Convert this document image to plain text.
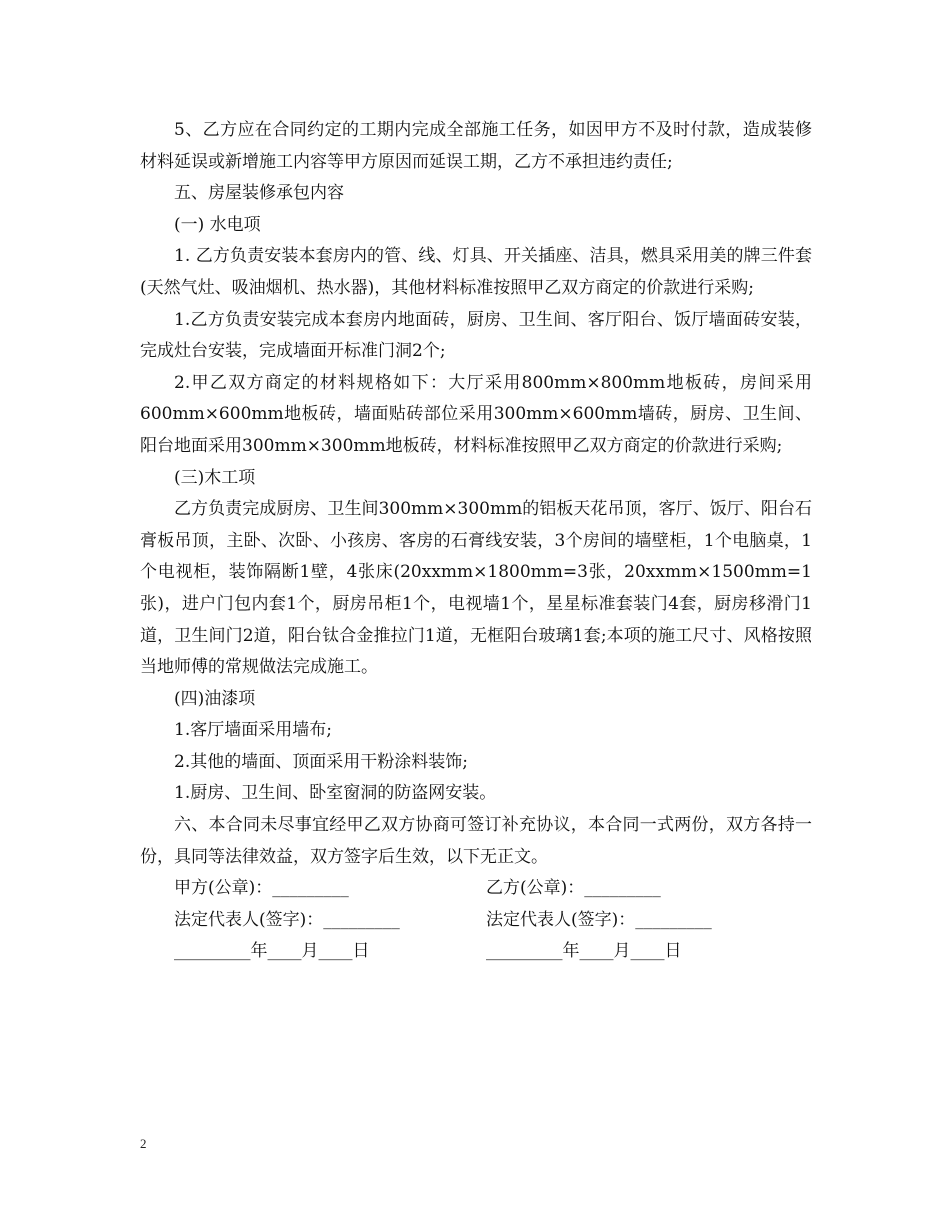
5、乙方应在合同约定的工期内完成全部施工任务，如因甲方不及时付款，造成装修材料延误或新增施工内容等甲方原因而延误工期，乙方不承担违约责任;

五、房屋装修承包内容

(一) 水电项

1. 乙方负责安装本套房内的管、线、灯具、开关插座、洁具，燃具采用美的牌三件套(天然气灶、吸油烟机、热水器)，其他材料标准按照甲乙双方商定的价款进行采购;

1.乙方负责安装完成本套房内地面砖，厨房、卫生间、客厅阳台、饭厅墙面砖安装，完成灶台安装，完成墙面开标准门洞2个;

2.甲乙双方商定的材料规格如下：大厅采用800mm×800mm地板砖，房间采用600mm×600mm地板砖，墙面贴砖部位采用300mm×600mm墙砖，厨房、卫生间、阳台地面采用300mm×300mm地板砖，材料标准按照甲乙双方商定的价款进行采购;

(三)木工项

乙方负责完成厨房、卫生间300mm×300mm的铝板天花吊顶，客厅、饭厅、阳台石膏板吊顶，主卧、次卧、小孩房、客房的石膏线安装，3个房间的墙壁柜，1个电脑桌，1个电视柜，装饰隔断1壁，4张床(20xxmm×1800mm=3张，20xxmm×1500mm=1张)，进户门包内套1个，厨房吊柜1个，电视墙1个，星星标准套装门4套，厨房移滑门1道，卫生间门2道，阳台钛合金推拉门1道，无框阳台玻璃1套;本项的施工尺寸、风格按照当地师傅的常规做法完成施工。

(四)油漆项

1.客厅墙面采用墙布;

2.其他的墙面、顶面采用干粉涂料装饰;

1.厨房、卫生间、卧室窗洞的防盗网安装。

六、本合同未尽事宜经甲乙双方协商可签订补充协议，本合同一式两份，双方各持一份，具同等法律效益，双方签字后生效，以下无正文。

甲方(公章)：_________	乙方(公章)：_________
法定代表人(签字)：_________	法定代表人(签字)：_________
_________年____月____日	_________年____月____日
2
